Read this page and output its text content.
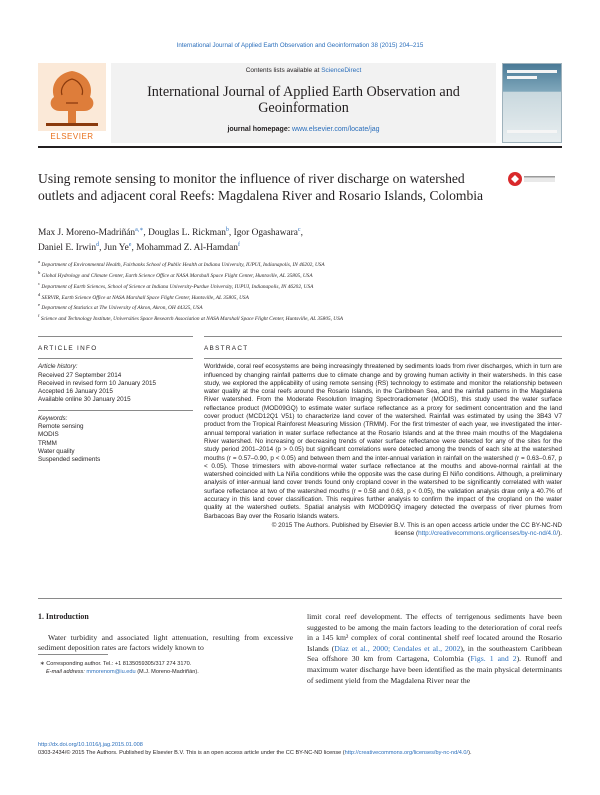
International Journal of Applied Earth Observation and Geoinformation 38 (2015) 204–215
ELSEVIER
Contents lists available at ScienceDirect
International Journal of Applied Earth Observation and Geoinformation
journal homepage: www.elsevier.com/locate/jag
Using remote sensing to monitor the influence of river discharge on watershed outlets and adjacent coral Reefs: Magdalena River and Rosario Islands, Colombia
Max J. Moreno-Madriñán$^{a,∗}$, Douglas L. Rickman$^b$, Igor Ogashawara$^c$,
Daniel E. Irwin$^d$, Jun Ye$^e$, Mohammad Z. Al-Hamdan$^f$
$^a$ Department of Environmental Health, Fairbanks School of Public Health at Indiana University, IUPUI, Indianapolis, IN 46202, USA
$^b$ Global Hydrology and Climate Center, Earth Science Office at NASA Marshall Space Flight Center, Huntsville, AL 35805, USA
$^c$ Department of Earth Sciences, School of Science at Indiana University-Purdue University, IUPUI, Indianapolis, IN 46202, USA
$^d$ SERVIR, Earth Science Office at NASA Marshall Space Flight Center, Huntsville, AL 35805, USA
$^e$ Department of Statistics at The University of Akron, Akron, OH 44325, USA
$^f$ Science and Technology Institute, Universities Space Research Association at NASA Marshall Space Flight Center, Huntsville, AL 35805, USA
ARTICLE INFO
Article history:
Received 27 September 2014
Received in revised form 10 January 2015
Accepted 16 January 2015
Available online 30 January 2015
Keywords:
Remote sensing
MODIS
TRMM
Water quality
Suspended sediments
ABSTRACT
Worldwide, coral reef ecosystems are being increasingly threatened by sediments loads from river discharges, which in turn are influenced by changing rainfall patterns due to climate change and by growing human activity in their watersheds. In this case study, we explored the applicability of using remote sensing (RS) technology to estimate and monitor the relationship between water quality at the coral reefs around the Rosario Islands, in the Caribbean Sea, and the rainfall patterns in the Magdalena River watershed. From the Moderate Resolution Imaging Spectroradiometer (MODIS), this study used the water surface reflectance product (MOD09GQ) to estimate water surface reflectance as a proxy for sediment concentration and the land cover product (MCD12Q1 V51) to characterize land cover of the watershed. Rainfall was estimated by using the 3B43 V7 product from the Tropical Rainforest Measuring Mission (TRMM). For the first trimester of each year, we investigated the inter-annual temporal variation in water surface reflectance at the Rosario Islands and at the three main mouths of the Magdalena River watershed. No increasing or decreasing trends of water surface reflectance were detected for any of the sites for the study period 2001–2014 (p > 0.05) but significant correlations were detected among the trends of each site at the watershed mouths (r = 0.57–0.90, p < 0.05) and between them and the inter-annual variation in rainfall on the watershed (r = 0.63–0.67, p < 0.05). Those trimesters with above-normal water surface reflectance at the mouths and above-normal rainfall at the watershed coincided with La Niña conditions while the opposite was the case during El Niño conditions. Although, a preliminary analysis of inter-annual land cover trends found only cropland cover in the watershed to be significantly correlated with water surface reflectance at two of the watershed mouths (r = 0.58 and 0.63, p < 0.05), the validation analysis draw only a 40.7% of accuracy in this land cover classification. This requires further analysis to confirm the impact of the cropland on the water quality at the watershed outlets. Spatial analysis with MOD09GQ imagery detected the overpass of river plumes from Barbacoas Bay over the Rosario Islands waters.
© 2015 The Authors. Published by Elsevier B.V. This is an open access article under the CC BY-NC-ND
license (http://creativecommons.org/licenses/by-nc-nd/4.0/).
1. Introduction
Water turbidity and associated light attenuation, resulting from excessive sediment deposition rates are factors widely known to
limit coral reef development. The effects of terrigenous sediments have been suggested to be among the main factors leading to the deterioration of coral reefs in a 145 km² complex of coral continental shelf reef located around the Rosario Islands (Díaz et al., 2000; Cendales et al., 2002), in the southeastern Caribbean Sea offshore 30 km from Cartagena, Colombia (Figs. 1 and 2). Runoff and maximum water discharge have been identified as the main physical determinants of sediment yield from the Magdalena River near the
∗ Corresponding author. Tel.: +1 8135059305/317 274 3170.
E-mail address: mmorenom@iu.edu (M.J. Moreno-Madriñán).
http://dx.doi.org/10.1016/j.jag.2015.01.008
0303-2434/© 2015 The Authors. Published by Elsevier B.V. This is an open access article under the CC BY-NC-ND license (http://creativecommons.org/licenses/by-nc-nd/4.0/).
